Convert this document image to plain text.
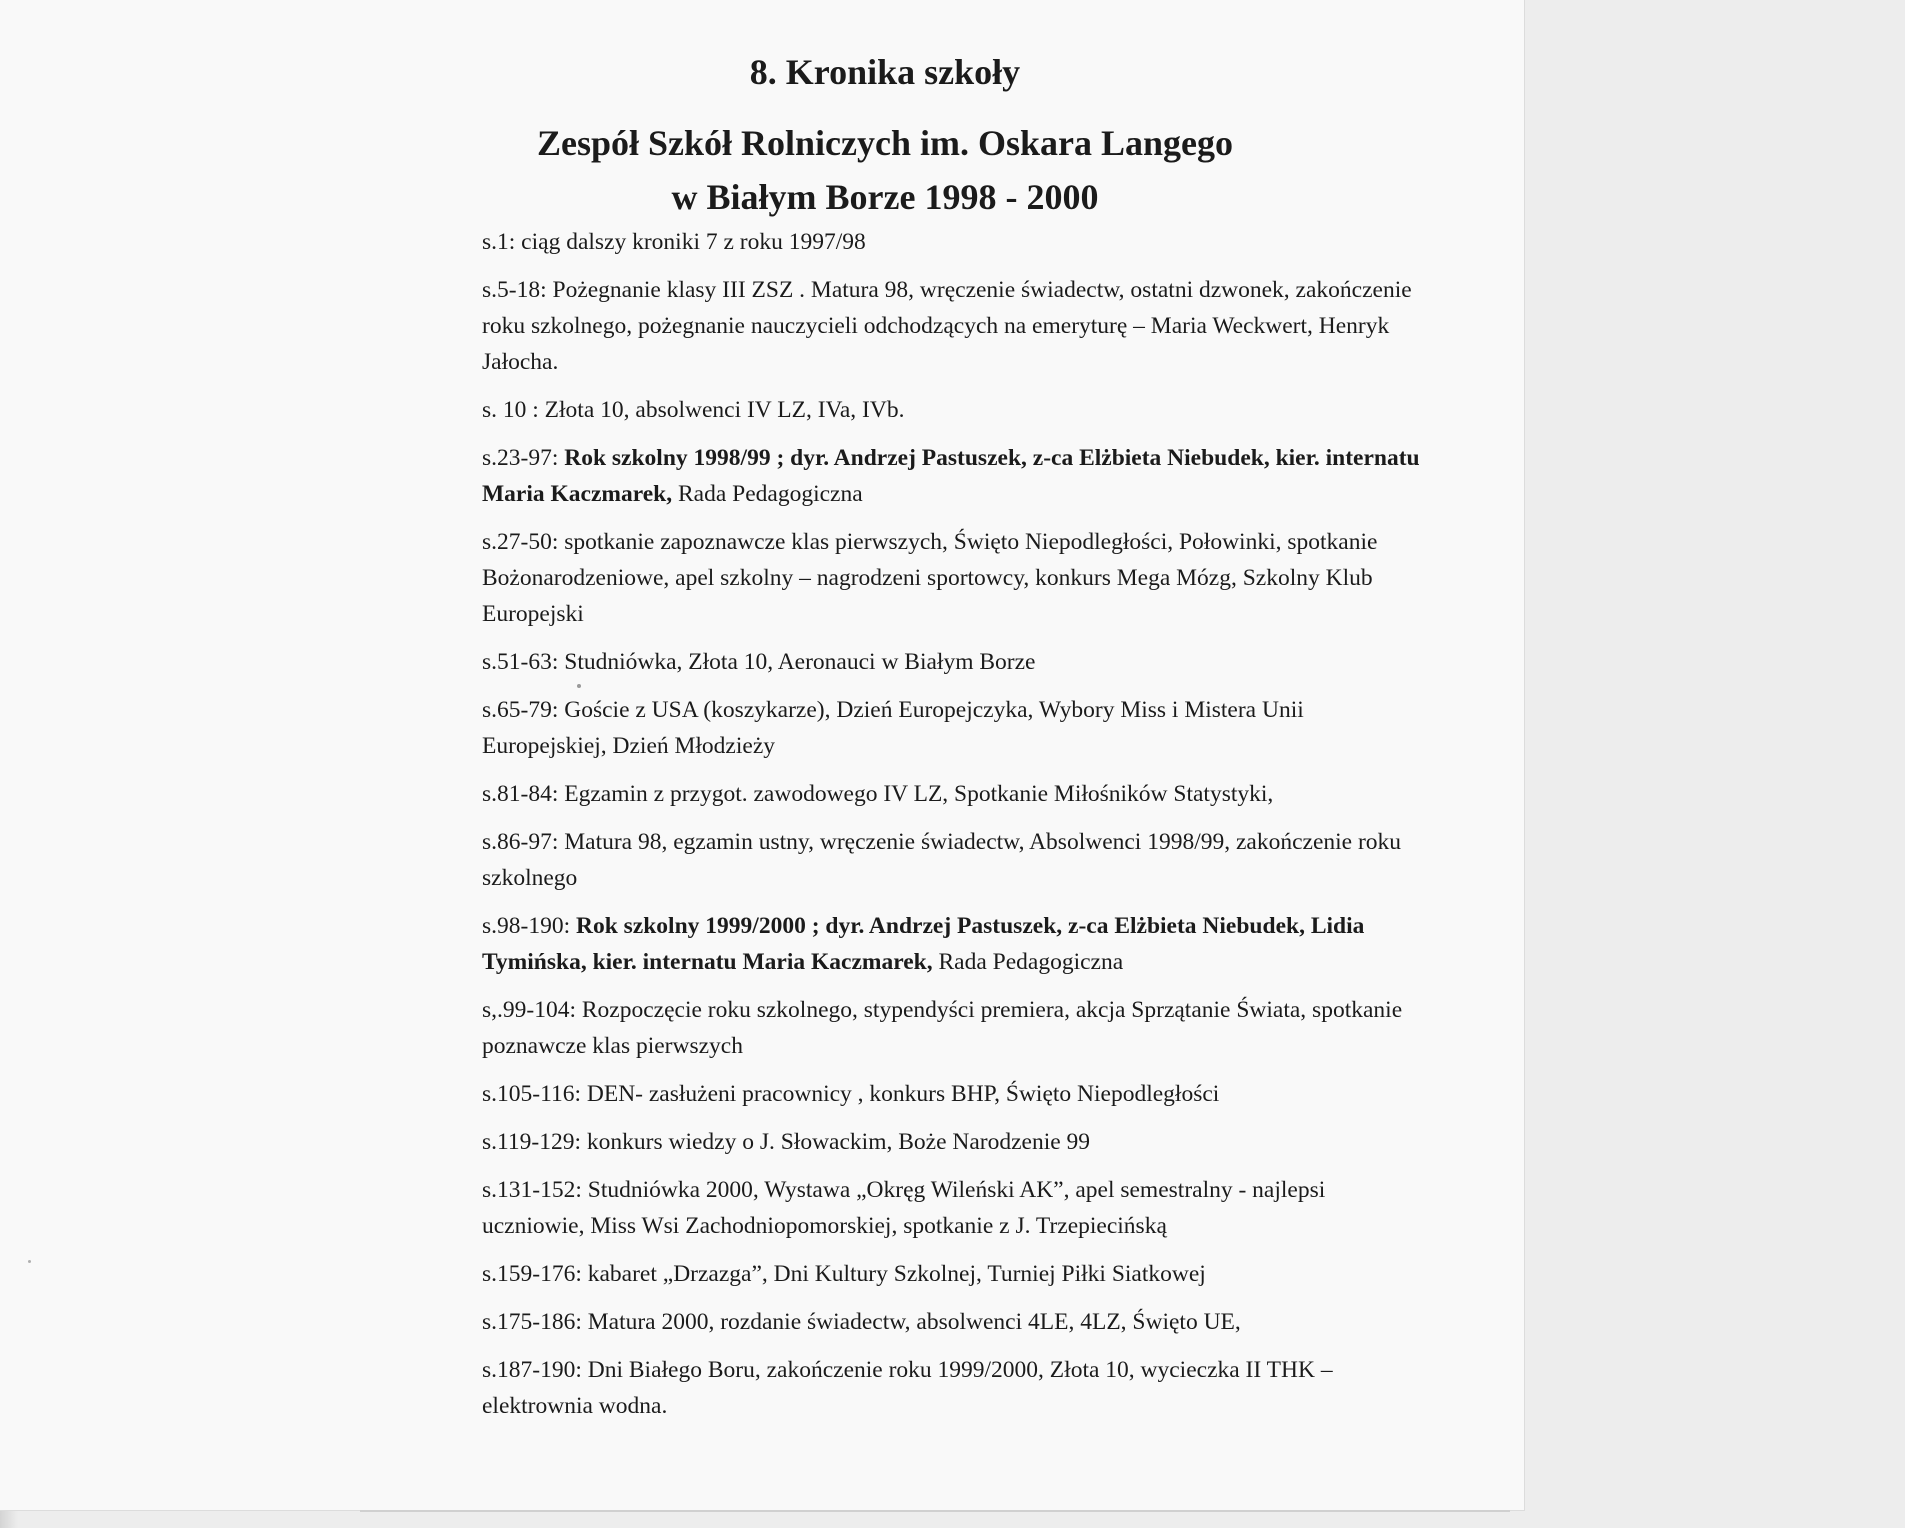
8. Kronika szkoły
Zespół Szkół Rolniczych im. Oskara Langego
w Białym Borze 1998 - 2000

s.1: ciąg dalszy kroniki 7 z roku 1997/98

s.5-18: Pożegnanie klasy III ZSZ . Matura 98, wręczenie świadectw, ostatni dzwonek, zakończenie roku szkolnego, pożegnanie nauczycieli odchodzących na emeryturę – Maria Weckwert, Henryk Jałocha.

s. 10 : Złota 10, absolwenci IV LZ, IVa, IVb.

s.23-97: Rok szkolny 1998/99 ; dyr. Andrzej Pastuszek, z-ca Elżbieta Niebudek, kier. internatu Maria Kaczmarek, Rada Pedagogiczna

s.27-50: spotkanie zapoznawcze klas pierwszych, Święto Niepodległości, Połowinki, spotkanie Bożonarodzeniowe, apel szkolny – nagrodzeni sportowcy, konkurs Mega Mózg, Szkolny Klub Europejski

s.51-63: Studniówka, Złota 10, Aeronauci w Białym Borze

s.65-79: Goście z USA (koszykarze), Dzień Europejczyka, Wybory Miss i Mistera Unii Europejskiej, Dzień Młodzieży

s.81-84: Egzamin z przygot. zawodowego IV LZ, Spotkanie Miłośników Statystyki,

s.86-97: Matura 98, egzamin ustny, wręczenie świadectw, Absolwenci 1998/99, zakończenie roku szkolnego

s.98-190: Rok szkolny 1999/2000 ; dyr. Andrzej Pastuszek, z-ca Elżbieta Niebudek, Lidia Tymińska, kier. internatu Maria Kaczmarek, Rada Pedagogiczna

s,.99-104: Rozpoczęcie roku szkolnego, stypendyści premiera, akcja Sprzątanie Świata, spotkanie poznawcze klas pierwszych

s.105-116: DEN- zasłużeni pracownicy , konkurs BHP, Święto Niepodległości

s.119-129: konkurs wiedzy o J. Słowackim, Boże Narodzenie 99

s.131-152: Studniówka 2000, Wystawa „Okręg Wileński AK”, apel semestralny - najlepsi uczniowie, Miss Wsi Zachodniopomorskiej, spotkanie z J. Trzepiecińską

s.159-176: kabaret „Drzazga”, Dni Kultury Szkolnej, Turniej Piłki Siatkowej

s.175-186: Matura 2000, rozdanie świadectw, absolwenci 4LE, 4LZ, Święto UE,

s.187-190: Dni Białego Boru, zakończenie roku 1999/2000, Złota 10, wycieczka II THK – elektrownia wodna.
